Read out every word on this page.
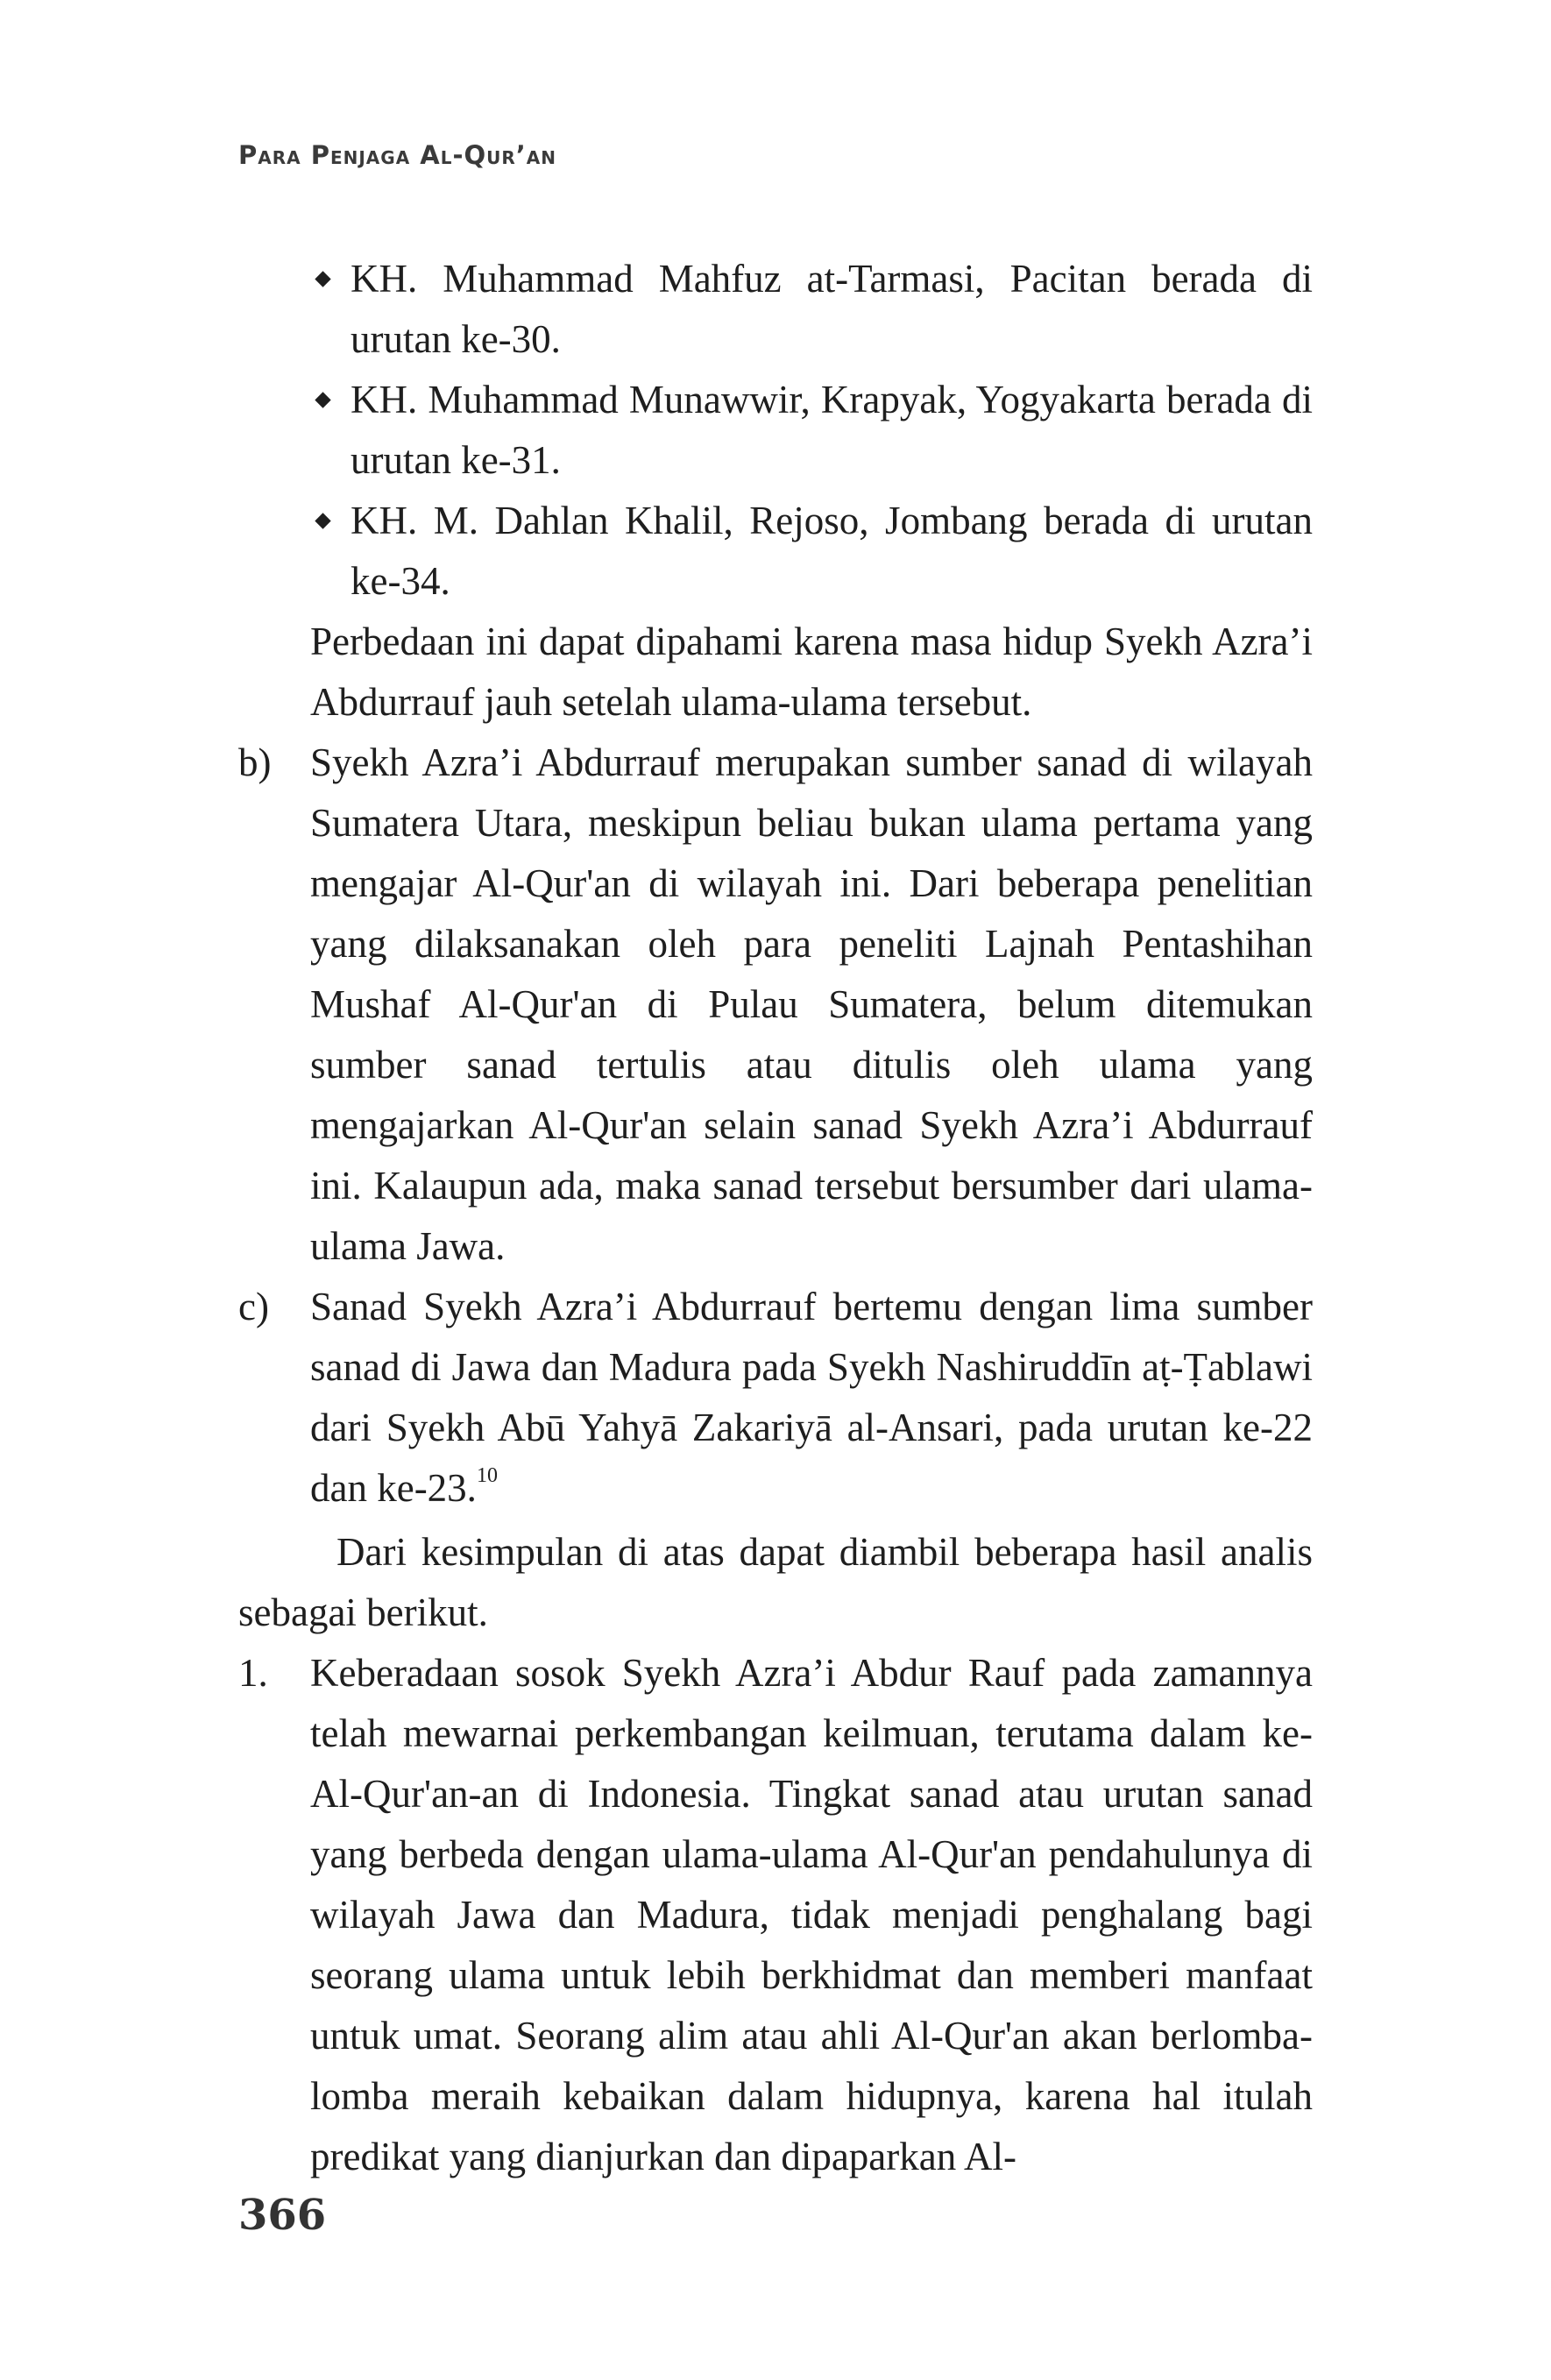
Para Penjaga Al-Qur’an
KH. Muhammad Mahfuz at-Tarmasi, Pacitan berada di urutan ke-30.
KH. Muhammad Munawwir, Krapyak, Yogyakarta berada di urutan ke-31.
KH. M. Dahlan Khalil, Rejoso, Jombang berada di urutan ke-34.
Perbedaan ini dapat dipahami karena masa hidup Syekh Azra’i Abdurrauf jauh setelah ulama-ulama tersebut.
b) Syekh Azra’i Abdurrauf merupakan sumber sanad di wilayah Sumatera Utara, meskipun beliau bukan ulama pertama yang mengajar Al-Qur'an di wilayah ini. Dari beberapa penelitian yang dilaksanakan oleh para peneliti Lajnah Pentashihan Mushaf Al-Qur'an di Pulau Sumatera, belum ditemukan sumber sanad tertulis atau ditulis oleh ulama yang mengajarkan Al-Qur'an selain sanad Syekh Azra’i Abdurrauf ini. Kalaupun ada, maka sanad tersebut bersumber dari ulama-ulama Jawa.
c) Sanad Syekh Azra’i Abdurrauf bertemu dengan lima sumber sanad di Jawa dan Madura pada Syekh Nashiruddīn aṭ-Ṭablawi dari Syekh Abū Yahyā Zakariyā al-Ansari, pada urutan ke-22 dan ke-23.10
Dari kesimpulan di atas dapat diambil beberapa hasil analis sebagai berikut.
1. Keberadaan sosok Syekh Azra’i Abdur Rauf pada zamannya telah mewarnai perkembangan keilmuan, terutama dalam ke-Al-Qur'an-an di Indonesia. Tingkat sanad atau urutan sanad yang berbeda dengan ulama-ulama Al-Qur'an pendahulunya di wilayah Jawa dan Madura, tidak menjadi penghalang bagi seorang ulama untuk lebih berkhidmat dan memberi manfaat untuk umat. Seorang alim atau ahli Al-Qur'an akan berlomba-lomba meraih kebaikan dalam hidupnya, karena hal itulah predikat yang dianjurkan dan dipaparkan Al-
366
